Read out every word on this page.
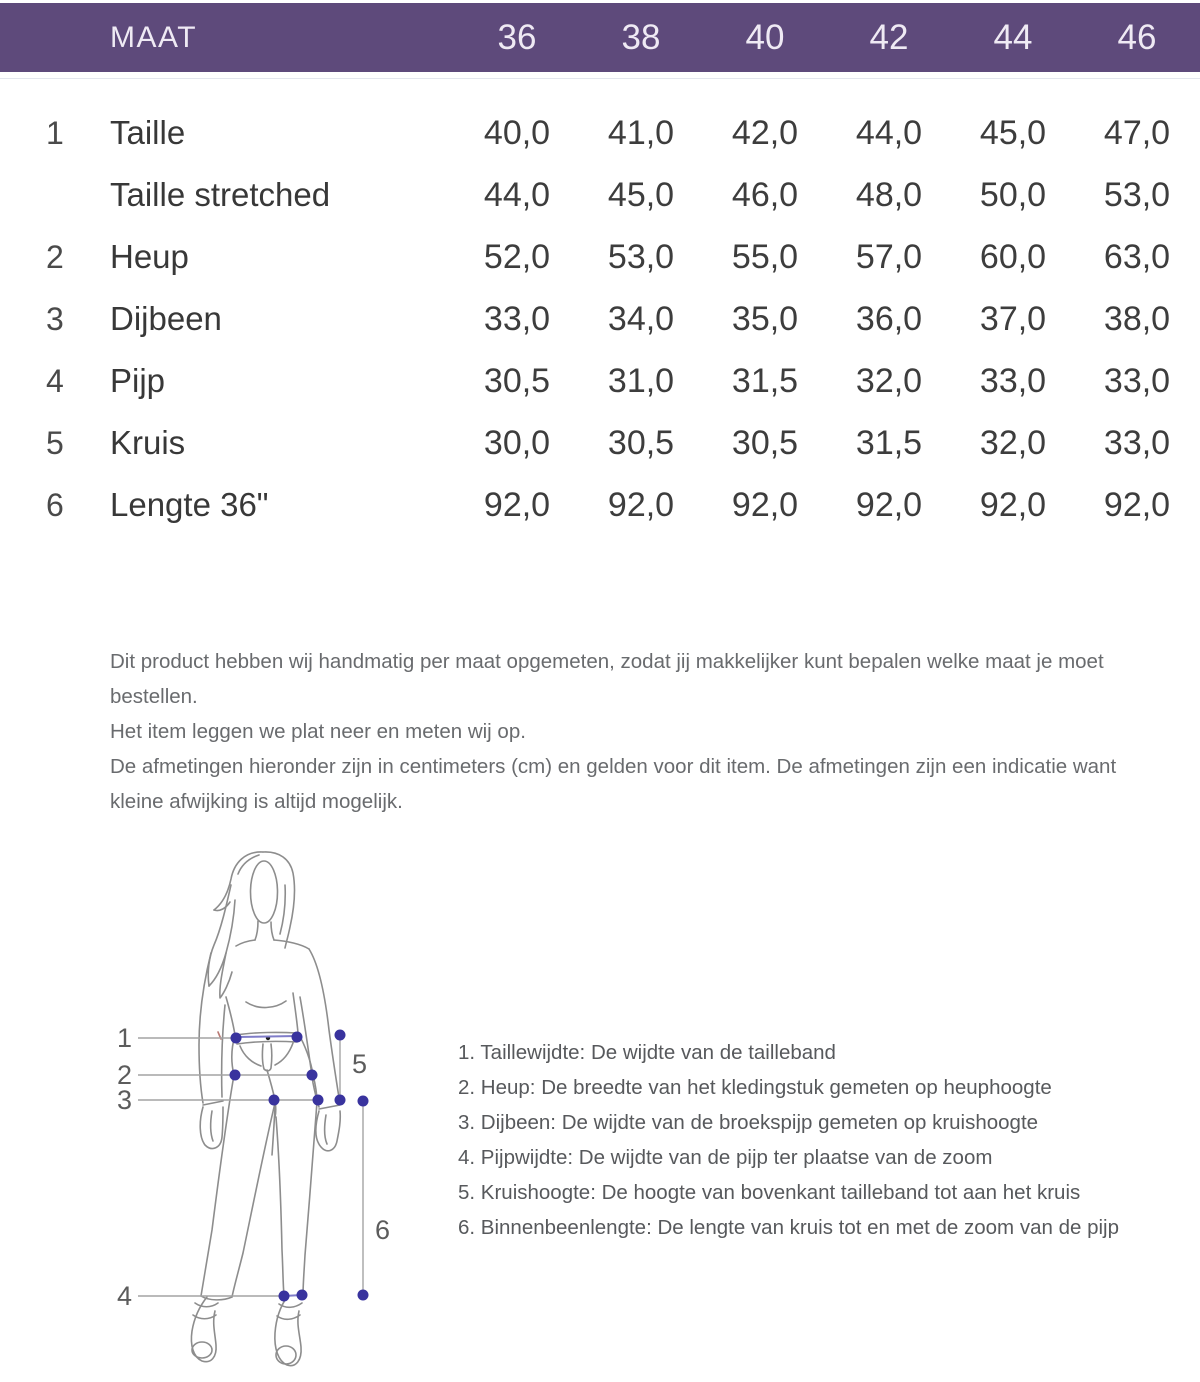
MAAT	36	38	40	42	44	46
1	Taille	40,0	41,0	42,0	44,0	45,0	47,0
Taille stretched	44,0	45,0	46,0	48,0	50,0	53,0
2	Heup	52,0	53,0	55,0	57,0	60,0	63,0
3	Dijbeen	33,0	34,0	35,0	36,0	37,0	38,0
4	Pijp	30,5	31,0	31,5	32,0	33,0	33,0
5	Kruis	30,0	30,5	30,5	31,5	32,0	33,0
6	Lengte 36"	92,0	92,0	92,0	92,0	92,0	92,0
Dit product hebben wij handmatig per maat opgemeten, zodat jij makkelijker kunt bepalen welke maat je moet
bestellen.
Het item leggen we plat neer en meten wij op.
De afmetingen hieronder zijn in centimeters (cm) en gelden voor dit item. De afmetingen zijn een indicatie want
kleine afwijking is altijd mogelijk.
1
2
3
4
5
6
1. Taillewijdte: De wijdte van de tailleband
2. Heup: De breedte van het kledingstuk gemeten op heuphoogte
3. Dijbeen: De wijdte van de broekspijp gemeten op kruishoogte
4. Pijpwijdte: De wijdte van de pijp ter plaatse van de zoom
5. Kruishoogte: De hoogte van bovenkant tailleband tot aan het kruis
6. Binnenbeenlengte: De lengte van kruis tot en met de zoom van de pijp
